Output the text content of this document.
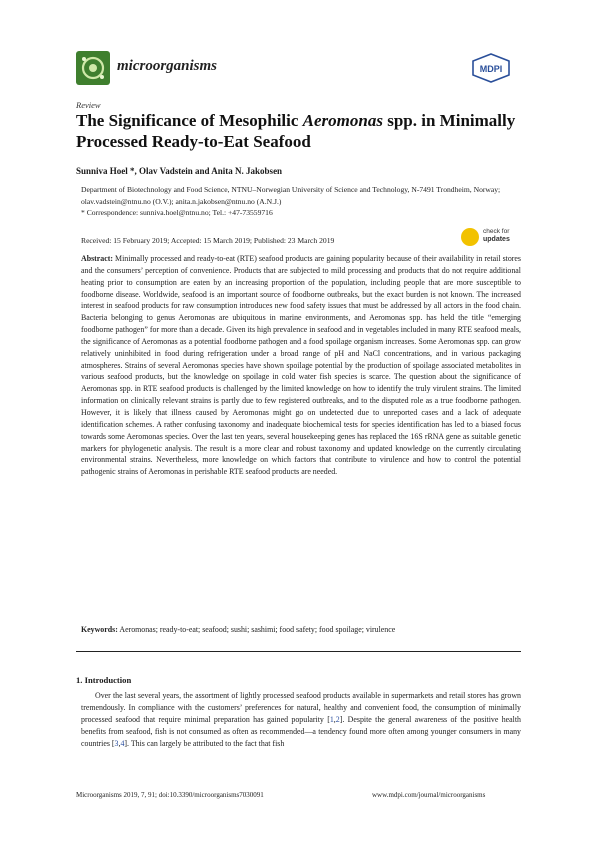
microorganisms	MDPI
Review
The Significance of Mesophilic Aeromonas spp. in Minimally Processed Ready-to-Eat Seafood
Sunniva Hoel *, Olav Vadstein and Anita N. Jakobsen
Department of Biotechnology and Food Science, NTNU–Norwegian University of Science and Technology, N-7491 Trondheim, Norway; olav.vadstein@ntnu.no (O.V.); anita.n.jakobsen@ntnu.no (A.N.J.)
* Correspondence: sunniva.hoel@ntnu.no; Tel.: +47-73559716
Received: 15 February 2019; Accepted: 15 March 2019; Published: 23 March 2019
check for
updates
Abstract: Minimally processed and ready-to-eat (RTE) seafood products are gaining popularity because of their availability in retail stores and the consumers’ perception of convenience. Products that are subjected to mild processing and products that do not require additional heating prior to consumption are eaten by an increasing proportion of the population, including people that are more susceptible to foodborne disease. Worldwide, seafood is an important source of foodborne outbreaks, but the exact burden is not known. The increased interest in seafood products for raw consumption introduces new food safety issues that must be addressed by all actors in the food chain. Bacteria belonging to genus Aeromonas are ubiquitous in marine environments, and Aeromonas spp. has held the title “emerging foodborne pathogen” for more than a decade. Given its high prevalence in seafood and in vegetables included in many RTE seafood meals, the significance of Aeromonas as a potential foodborne pathogen and a food spoilage organism increases. Some Aeromonas spp. can grow relatively uninhibited in food during refrigeration under a broad range of pH and NaCl concentrations, and in various packaging atmospheres. Strains of several Aeromonas species have shown spoilage potential by the production of spoilage associated metabolites in various seafood products, but the knowledge on spoilage in cold water fish species is scarce. The question about the significance of Aeromonas spp. in RTE seafood products is challenged by the limited knowledge on how to identify the truly virulent strains. The limited information on clinically relevant strains is partly due to few registered outbreaks, and to the disputed role as a true foodborne pathogen. However, it is likely that illness caused by Aeromonas might go on undetected due to unreported cases and a lack of adequate identification schemes. A rather confusing taxonomy and inadequate biochemical tests for species identification has led to a biased focus towards some Aeromonas species. Over the last ten years, several housekeeping genes has replaced the 16S rRNA gene as suitable genetic markers for phylogenetic analysis. The result is a more clear and robust taxonomy and updated knowledge on the currently circulating environmental strains. Nevertheless, more knowledge on which factors that contribute to virulence and how to control the potential pathogenic strains of Aeromonas in perishable RTE seafood products are needed.
Keywords: Aeromonas; ready-to-eat; seafood; sushi; sashimi; food safety; food spoilage; virulence
1. Introduction
Over the last several years, the assortment of lightly processed seafood products available in supermarkets and retail stores has grown tremendously. In compliance with the customers’ preferences for natural, healthy and convenient food, the consumption of minimally processed seafood that require minimal preparation has gained popularity [1,2]. Despite the general awareness of the positive health benefits from seafood, fish is not consumed as often as recommended—a tendency found more often among younger consumers in many countries [3,4]. This can largely be attributed to the fact that fish
Microorganisms 2019, 7, 91; doi:10.3390/microorganisms7030091	www.mdpi.com/journal/microorganisms
